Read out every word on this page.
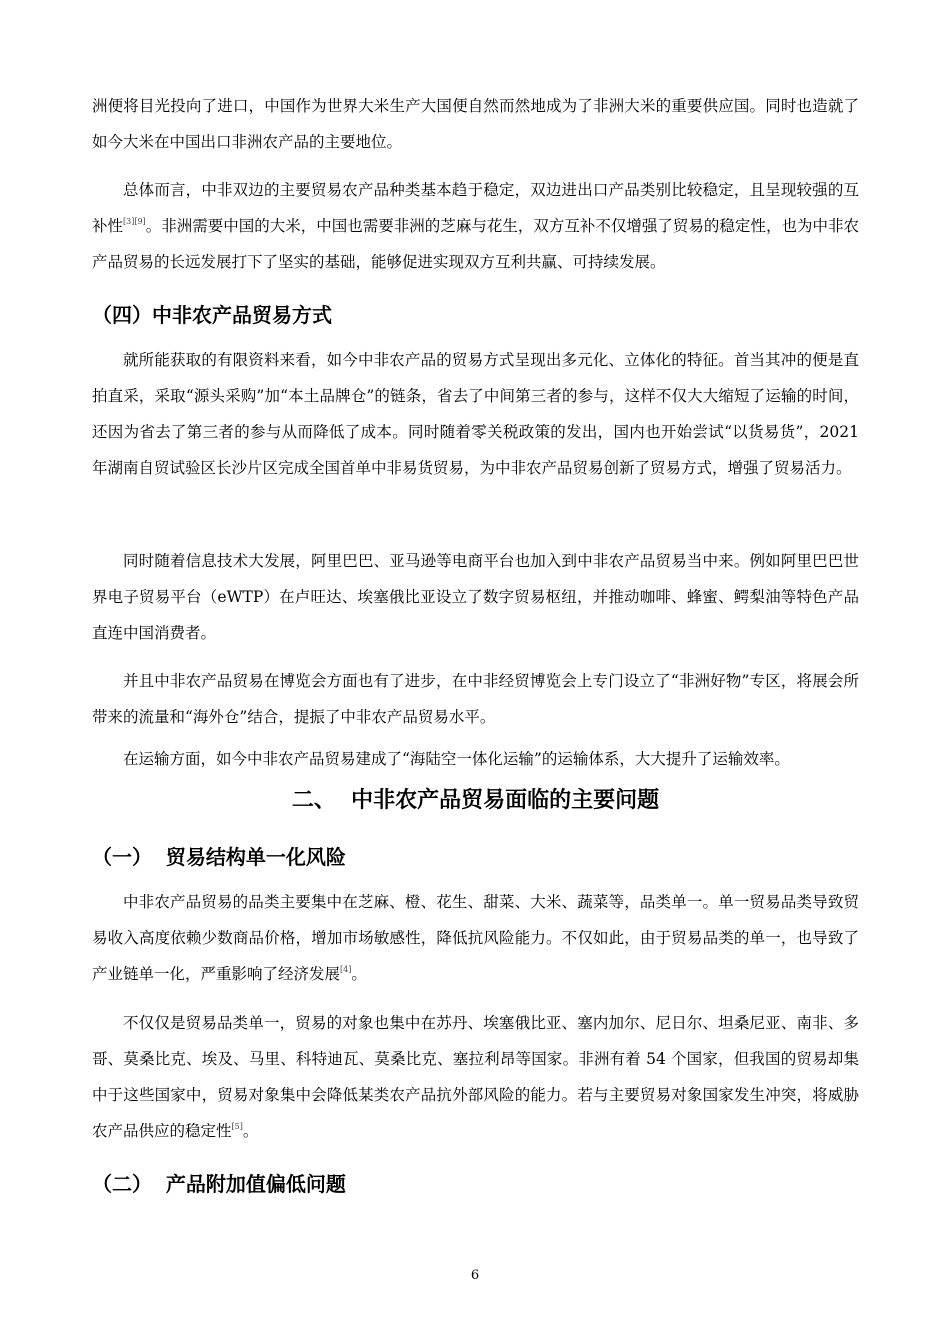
洲便将目光投向了进口，中国作为世界大米生产大国便自然而然地成为了非洲大米的重要供应国。同时也造就了如今大米在中国出口非洲农产品的主要地位。

总体而言，中非双边的主要贸易农产品种类基本趋于稳定，双边进出口产品类别比较稳定，且呈现较强的互补性[3][9]。非洲需要中国的大米，中国也需要非洲的芝麻与花生，双方互补不仅增强了贸易的稳定性，也为中非农产品贸易的长远发展打下了坚实的基础，能够促进实现双方互利共赢、可持续发展。

（四）中非农产品贸易方式

就所能获取的有限资料来看，如今中非农产品的贸易方式呈现出多元化、立体化的特征。首当其冲的便是直拍直采，采取“源头采购”加“本土品牌仓”的链条，省去了中间第三者的参与，这样不仅大大缩短了运输的时间，还因为省去了第三者的参与从而降低了成本。同时随着零关税政策的发出，国内也开始尝试“以货易货”，2021 年湖南自贸试验区长沙片区完成全国首单中非易货贸易，为中非农产品贸易创新了贸易方式，增强了贸易活力。

同时随着信息技术大发展，阿里巴巴、亚马逊等电商平台也加入到中非农产品贸易当中来。例如阿里巴巴世界电子贸易平台（eWTP）在卢旺达、埃塞俄比亚设立了数字贸易枢纽，并推动咖啡、蜂蜜、鳄梨油等特色产品直连中国消费者。

并且中非农产品贸易在博览会方面也有了进步，在中非经贸博览会上专门设立了“非洲好物”专区，将展会所带来的流量和“海外仓”结合，提振了中非农产品贸易水平。

在运输方面，如今中非农产品贸易建成了“海陆空一体化运输”的运输体系，大大提升了运输效率。

二、  中非农产品贸易面临的主要问题
（一）  贸易结构单一化风险

中非农产品贸易的品类主要集中在芝麻、橙、花生、甜菜、大米、蔬菜等，品类单一。单一贸易品类导致贸易收入高度依赖少数商品价格，增加市场敏感性，降低抗风险能力。不仅如此，由于贸易品类的单一，也导致了产业链单一化，严重影响了经济发展[4]。

不仅仅是贸易品类单一，贸易的对象也集中在苏丹、埃塞俄比亚、塞内加尔、尼日尔、坦桑尼亚、南非、多哥、莫桑比克、埃及、马里、科特迪瓦、莫桑比克、塞拉利昂等国家。非洲有着 54 个国家，但我国的贸易却集中于这些国家中，贸易对象集中会降低某类农产品抗外部风险的能力。若与主要贸易对象国家发生冲突，将威胁农产品供应的稳定性[5]。

（二）  产品附加值偏低问题
6
